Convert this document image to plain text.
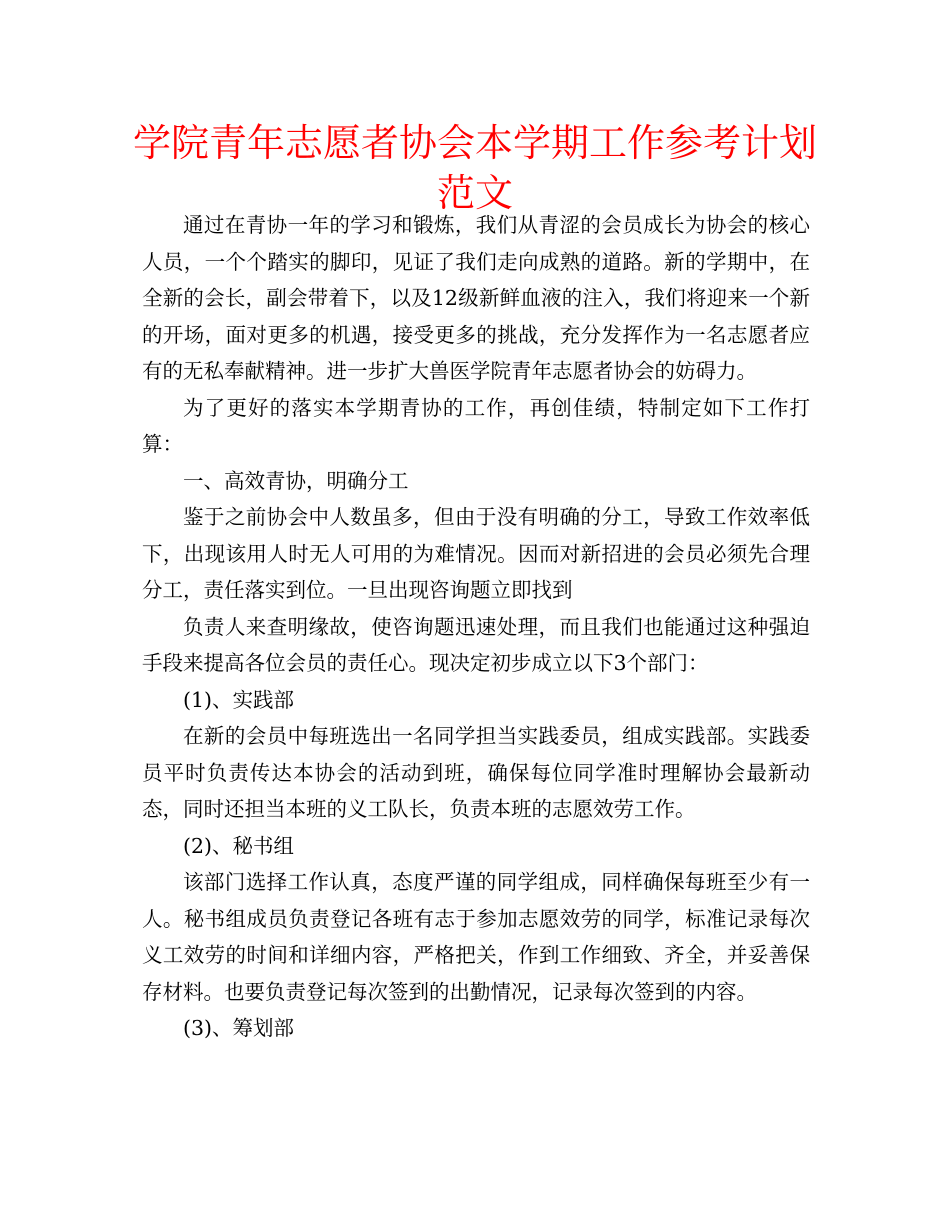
学院青年志愿者协会本学期工作参考计划范文

通过在青协一年的学习和锻炼，我们从青涩的会员成长为协会的核心人员，一个个踏实的脚印，见证了我们走向成熟的道路。新的学期中，在全新的会长，副会带着下，以及12级新鲜血液的注入，我们将迎来一个新的开场，面对更多的机遇，接受更多的挑战，充分发挥作为一名志愿者应有的无私奉献精神。进一步扩大兽医学院青年志愿者协会的妨碍力。

为了更好的落实本学期青协的工作，再创佳绩，特制定如下工作打算：

一、高效青协，明确分工

鉴于之前协会中人数虽多，但由于没有明确的分工，导致工作效率低下，出现该用人时无人可用的为难情况。因而对新招进的会员必须先合理分工，责任落实到位。一旦出现咨询题立即找到

负责人来查明缘故，使咨询题迅速处理，而且我们也能通过这种强迫手段来提高各位会员的责任心。现决定初步成立以下3个部门：

(1)、实践部

在新的会员中每班选出一名同学担当实践委员，组成实践部。实践委员平时负责传达本协会的活动到班，确保每位同学准时理解协会最新动态，同时还担当本班的义工队长，负责本班的志愿效劳工作。

(2)、秘书组

该部门选择工作认真，态度严谨的同学组成，同样确保每班至少有一人。秘书组成员负责登记各班有志于参加志愿效劳的同学，标准记录每次义工效劳的时间和详细内容，严格把关，作到工作细致、齐全，并妥善保存材料。也要负责登记每次签到的出勤情况，记录每次签到的内容。

(3)、筹划部
